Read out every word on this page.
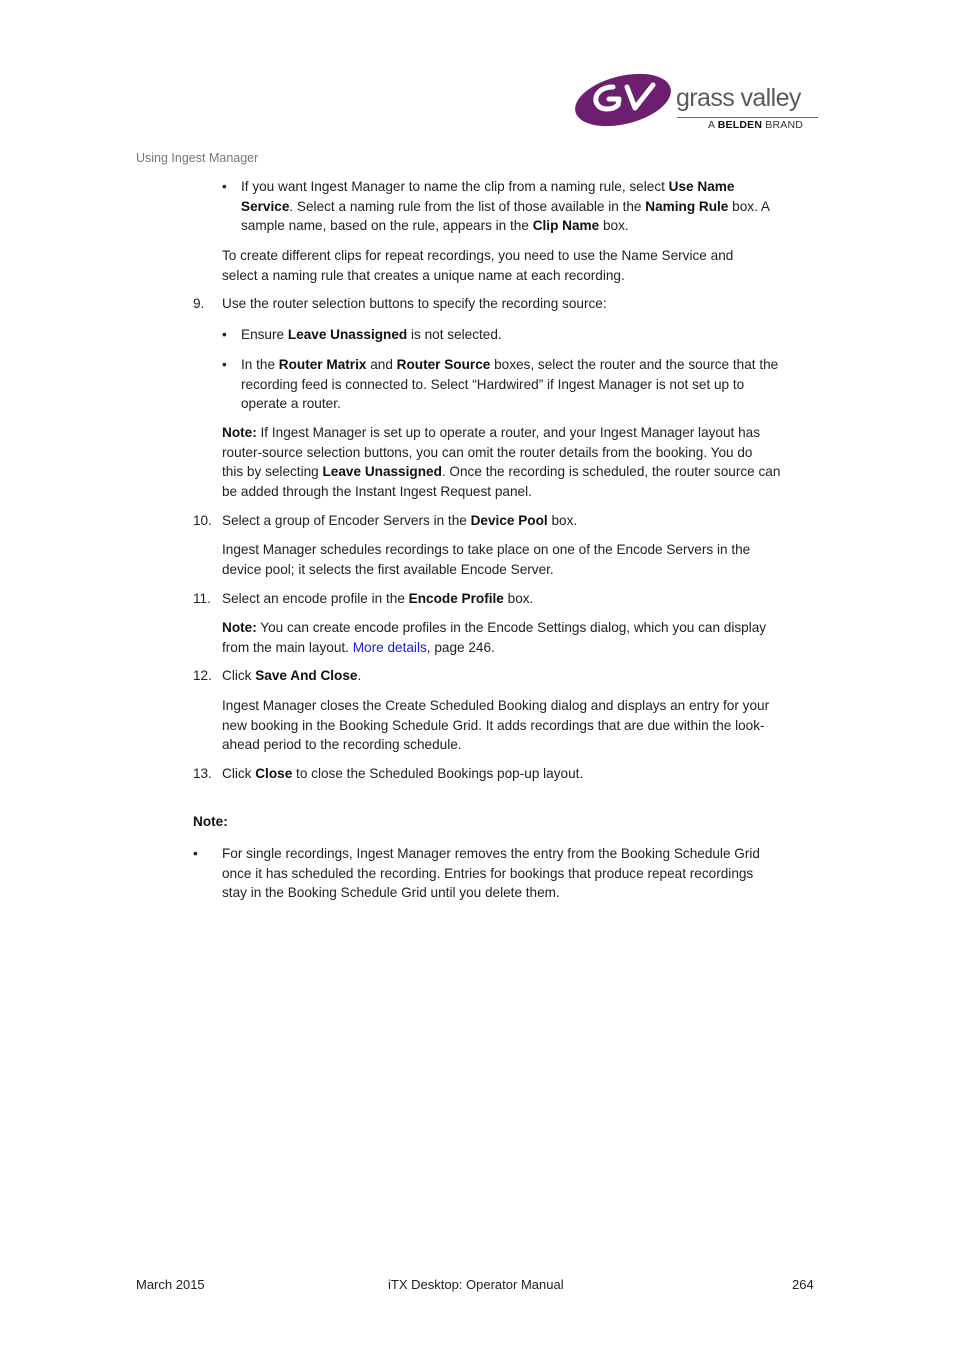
grass valley
A BELDEN BRAND
Using Ingest Manager
• If you want Ingest Manager to name the clip from a naming rule, select Use Name
Service. Select a naming rule from the list of those available in the Naming Rule box. A
sample name, based on the rule, appears in the Clip Name box.
To create different clips for repeat recordings, you need to use the Name Service and
select a naming rule that creates a unique name at each recording.
9. Use the router selection buttons to specify the recording source:
• Ensure Leave Unassigned is not selected.
• In the Router Matrix and Router Source boxes, select the router and the source that the
recording feed is connected to. Select “Hardwired” if Ingest Manager is not set up to
operate a router.
Note: If Ingest Manager is set up to operate a router, and your Ingest Manager layout has
router-source selection buttons, you can omit the router details from the booking. You do
this by selecting Leave Unassigned. Once the recording is scheduled, the router source can
be added through the Instant Ingest Request panel.
10. Select a group of Encoder Servers in the Device Pool box.
Ingest Manager schedules recordings to take place on one of the Encode Servers in the
device pool; it selects the first available Encode Server.
11. Select an encode profile in the Encode Profile box.
Note: You can create encode profiles in the Encode Settings dialog, which you can display
from the main layout. More details, page 246.
12. Click Save And Close.
Ingest Manager closes the Create Scheduled Booking dialog and displays an entry for your
new booking in the Booking Schedule Grid. It adds recordings that are due within the look-
ahead period to the recording schedule.
13. Click Close to close the Scheduled Bookings pop-up layout.
Note:
• For single recordings, Ingest Manager removes the entry from the Booking Schedule Grid
once it has scheduled the recording. Entries for bookings that produce repeat recordings
stay in the Booking Schedule Grid until you delete them.
March 2015	iTX Desktop: Operator Manual	264
